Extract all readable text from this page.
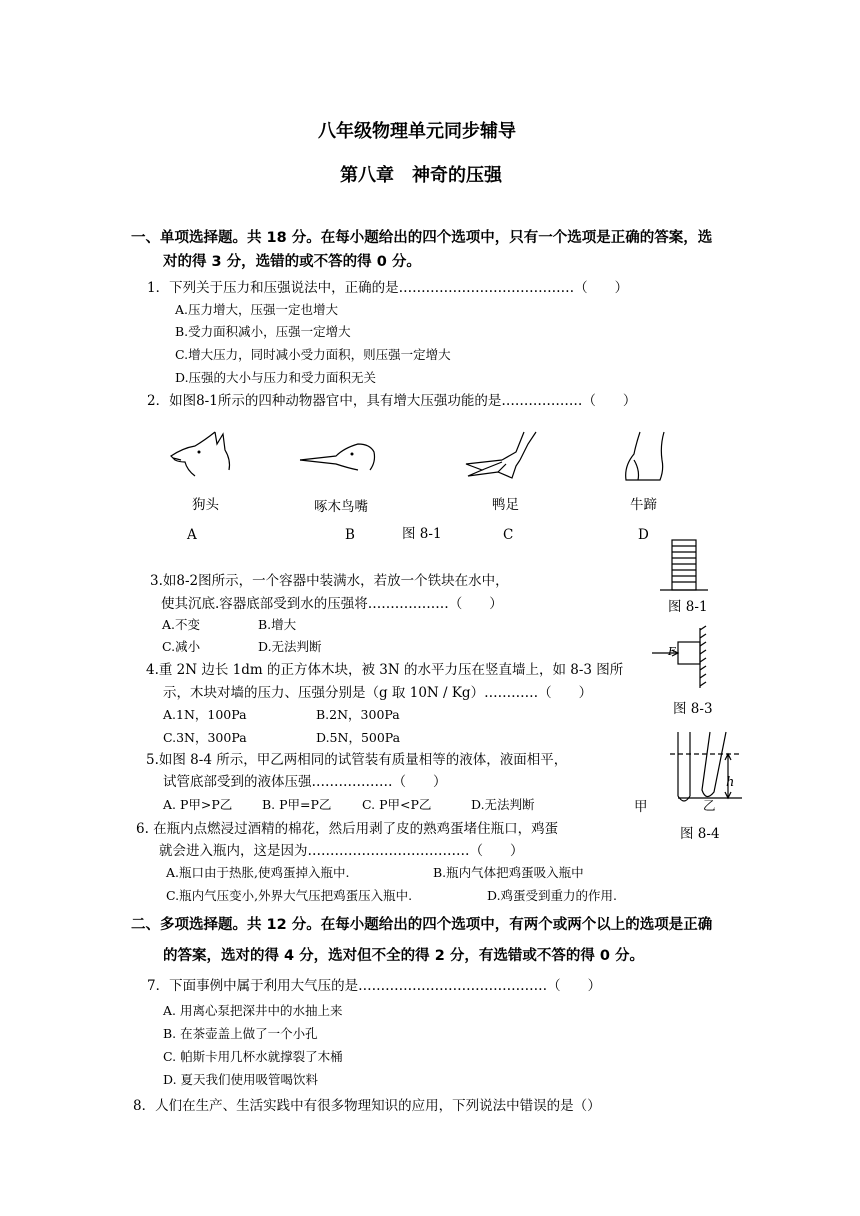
八年级物理单元同步辅导
第八章　神奇的压强
一、单项选择题。共 18 分。在每小题给出的四个选项中，只有一个选项是正确的答案，选
对的得 3 分，选错的或不答的得 0 分。
1．下列关于压力和压强说法中，正确的是…………………………………（　　）
A.压力增大，压强一定也增大
B.受力面积减小，压强一定增大
C.增大压力，同时减小受力面积，则压强一定增大
D.压强的大小与压力和受力面积无关
2．如图8-1所示的四种动物器官中，具有增大压强功能的是………………（　　）
狗头	啄木鸟嘴	鸭足	牛蹄
A	B	图 8-1	C	D
图 8-1
3.如8-2图所示，一个容器中装满水，若放一个铁块在水中，
使其沉底.容器底部受到水的压强将………………（　　）
A.不变	B.增大
C.减小	D.无法判断	F
图 8-3
4.重 2N 边长 1dm 的正方体木块，被 3N 的水平力压在竖直墙上，如 8-3 图所
示，木块对墙的压力、压强分别是（g 取 10N / Kg）…………（　　）
A.1N，100Pa	B.2N，300Pa
C.3N，300Pa	D.5N，500Pa
h
甲	乙
图 8-4
5.如图 8-4 所示，甲乙两相同的试管装有质量相等的液体，液面相平，
试管底部受到的液体压强………………（　　）
A. P甲>P乙 B. P甲=P乙 C. P甲<P乙	D.无法判断
6. 在瓶内点燃浸过酒精的棉花，然后用剥了皮的熟鸡蛋堵住瓶口，鸡蛋
就会进入瓶内，这是因为………………………………（　　）
A.瓶口由于热胀,使鸡蛋掉入瓶中.	B.瓶内气体把鸡蛋吸入瓶中
C.瓶内气压变小,外界大气压把鸡蛋压入瓶中.	D.鸡蛋受到重力的作用.
二、多项选择题。共 12 分。在每小题给出的四个选项中，有两个或两个以上的选项是正确
的答案，选对的得 4 分，选对但不全的得 2 分，有选错或不答的得 0 分。
7．下面事例中属于利用大气压的是……………………………………（　　）
A. 用离心泵把深井中的水抽上来
B. 在茶壶盖上做了一个小孔
C. 帕斯卡用几杯水就撑裂了木桶
D. 夏天我们使用吸管喝饮料
8．人们在生产、生活实践中有很多物理知识的应用，下列说法中错误的是（）
